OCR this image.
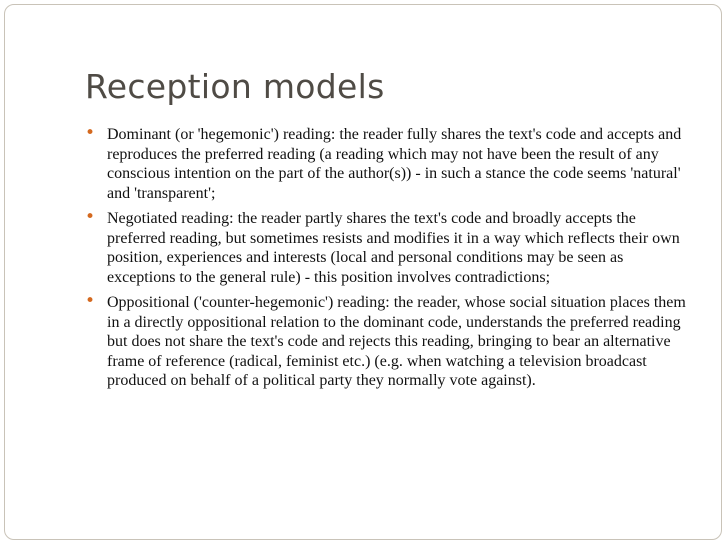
Reception models
• Dominant (or 'hegemonic') reading: the reader fully shares the text's code and accepts and reproduces the preferred reading (a reading which may not have been the result of any conscious intention on the part of the author(s)) - in such a stance the code seems 'natural' and 'transparent';
• Negotiated reading: the reader partly shares the text's code and broadly accepts the preferred reading, but sometimes resists and modifies it in a way which reflects their own position, experiences and interests (local and personal conditions may be seen as exceptions to the general rule) - this position involves contradictions;
• Oppositional ('counter-hegemonic') reading: the reader, whose social situation places them in a directly oppositional relation to the dominant code, understands the preferred reading but does not share the text's code and rejects this reading, bringing to bear an alternative frame of reference (radical, feminist etc.) (e.g. when watching a television broadcast produced on behalf of a political party they normally vote against).
